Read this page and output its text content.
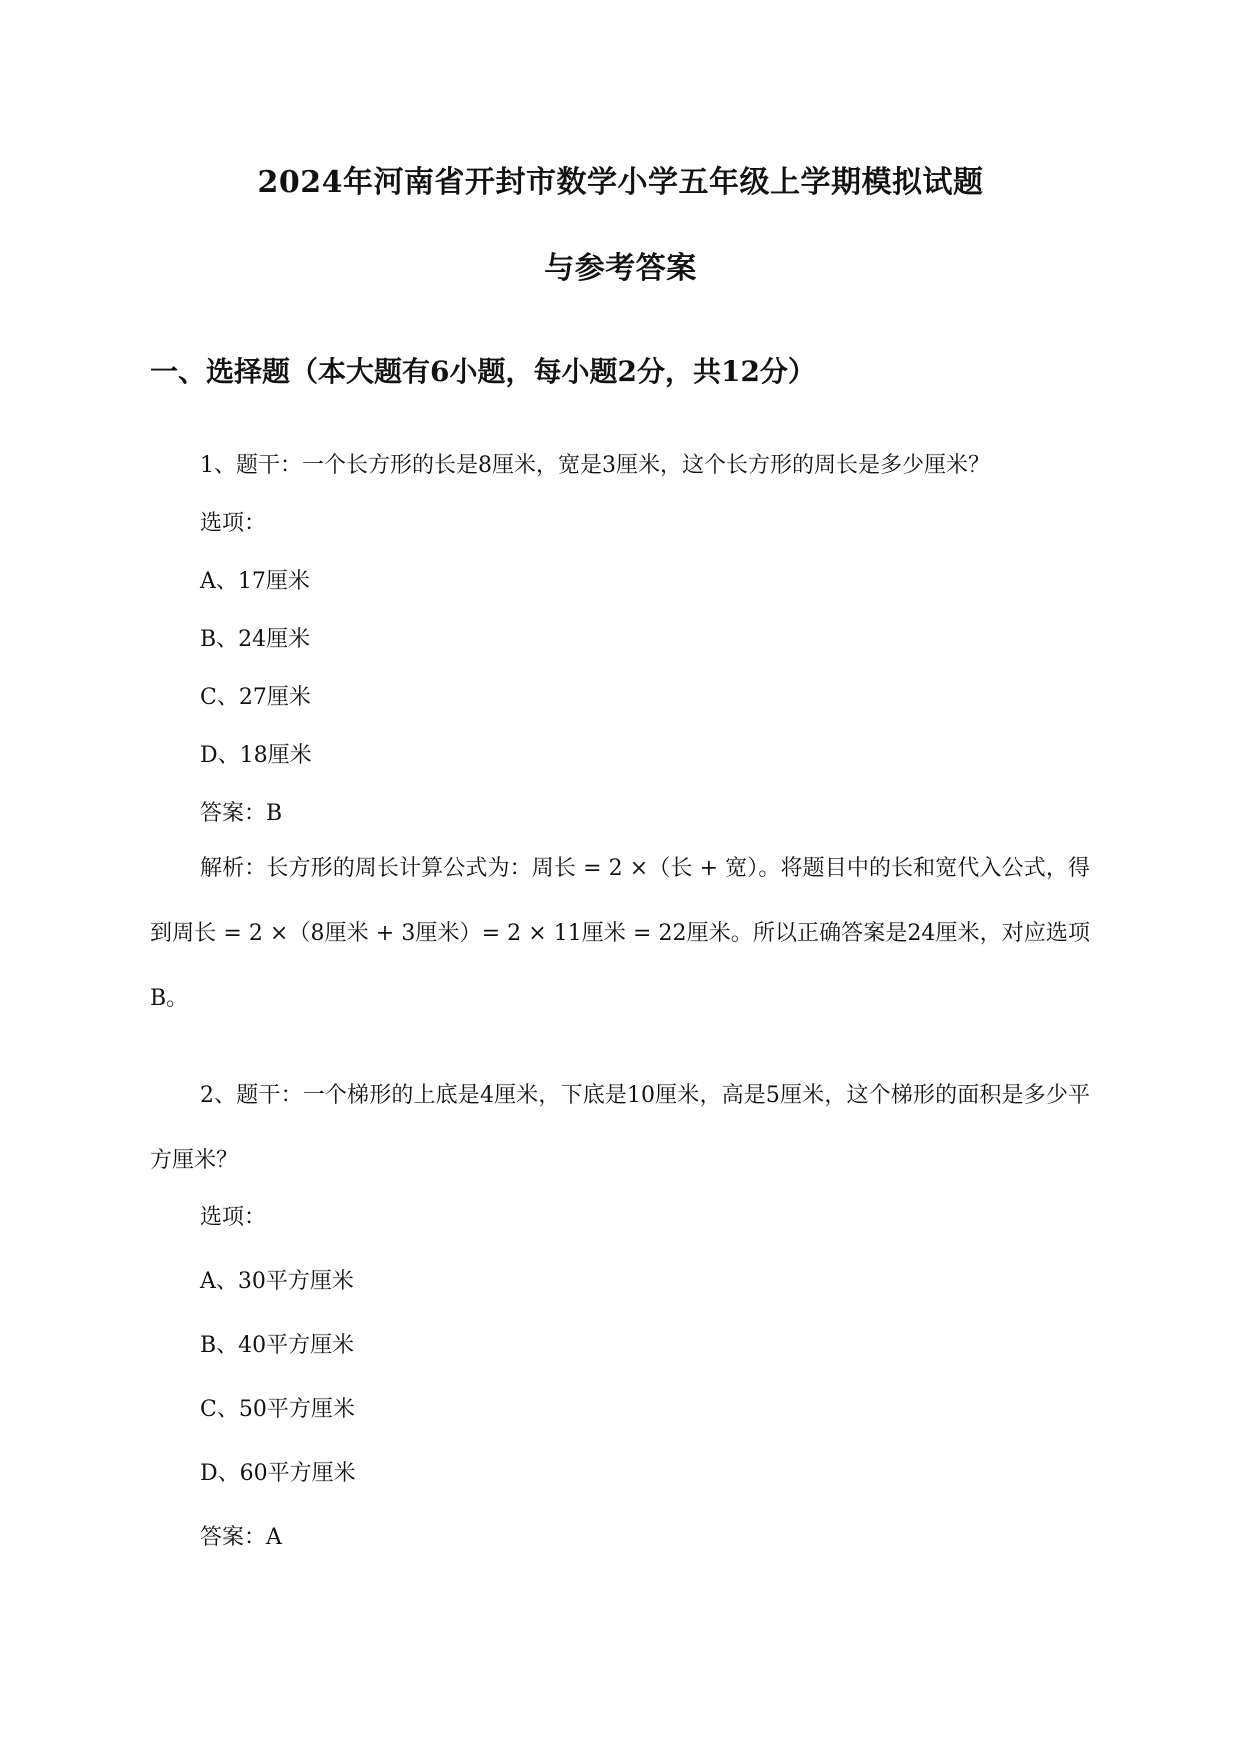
2024年河南省开封市数学小学五年级上学期模拟试题
与参考答案
一、选择题（本大题有6小题，每小题2分，共12分）
1、题干：一个长方形的长是8厘米，宽是3厘米，这个长方形的周长是多少厘米？
选项：
A、17厘米
B、24厘米
C、27厘米
D、18厘米
答案：B

解析：长方形的周长计算公式为：周长 = 2 ×（长 + 宽）。将题目中的长和宽代入公式，得到周长 = 2 ×（8厘米 + 3厘米）= 2 × 11厘米 = 22厘米。所以正确答案是24厘米，对应选项B。

2、题干：一个梯形的上底是4厘米，下底是10厘米，高是5厘米，这个梯形的面积是多少平方厘米？

选项：
A、30平方厘米
B、40平方厘米
C、50平方厘米
D、60平方厘米
答案：A
